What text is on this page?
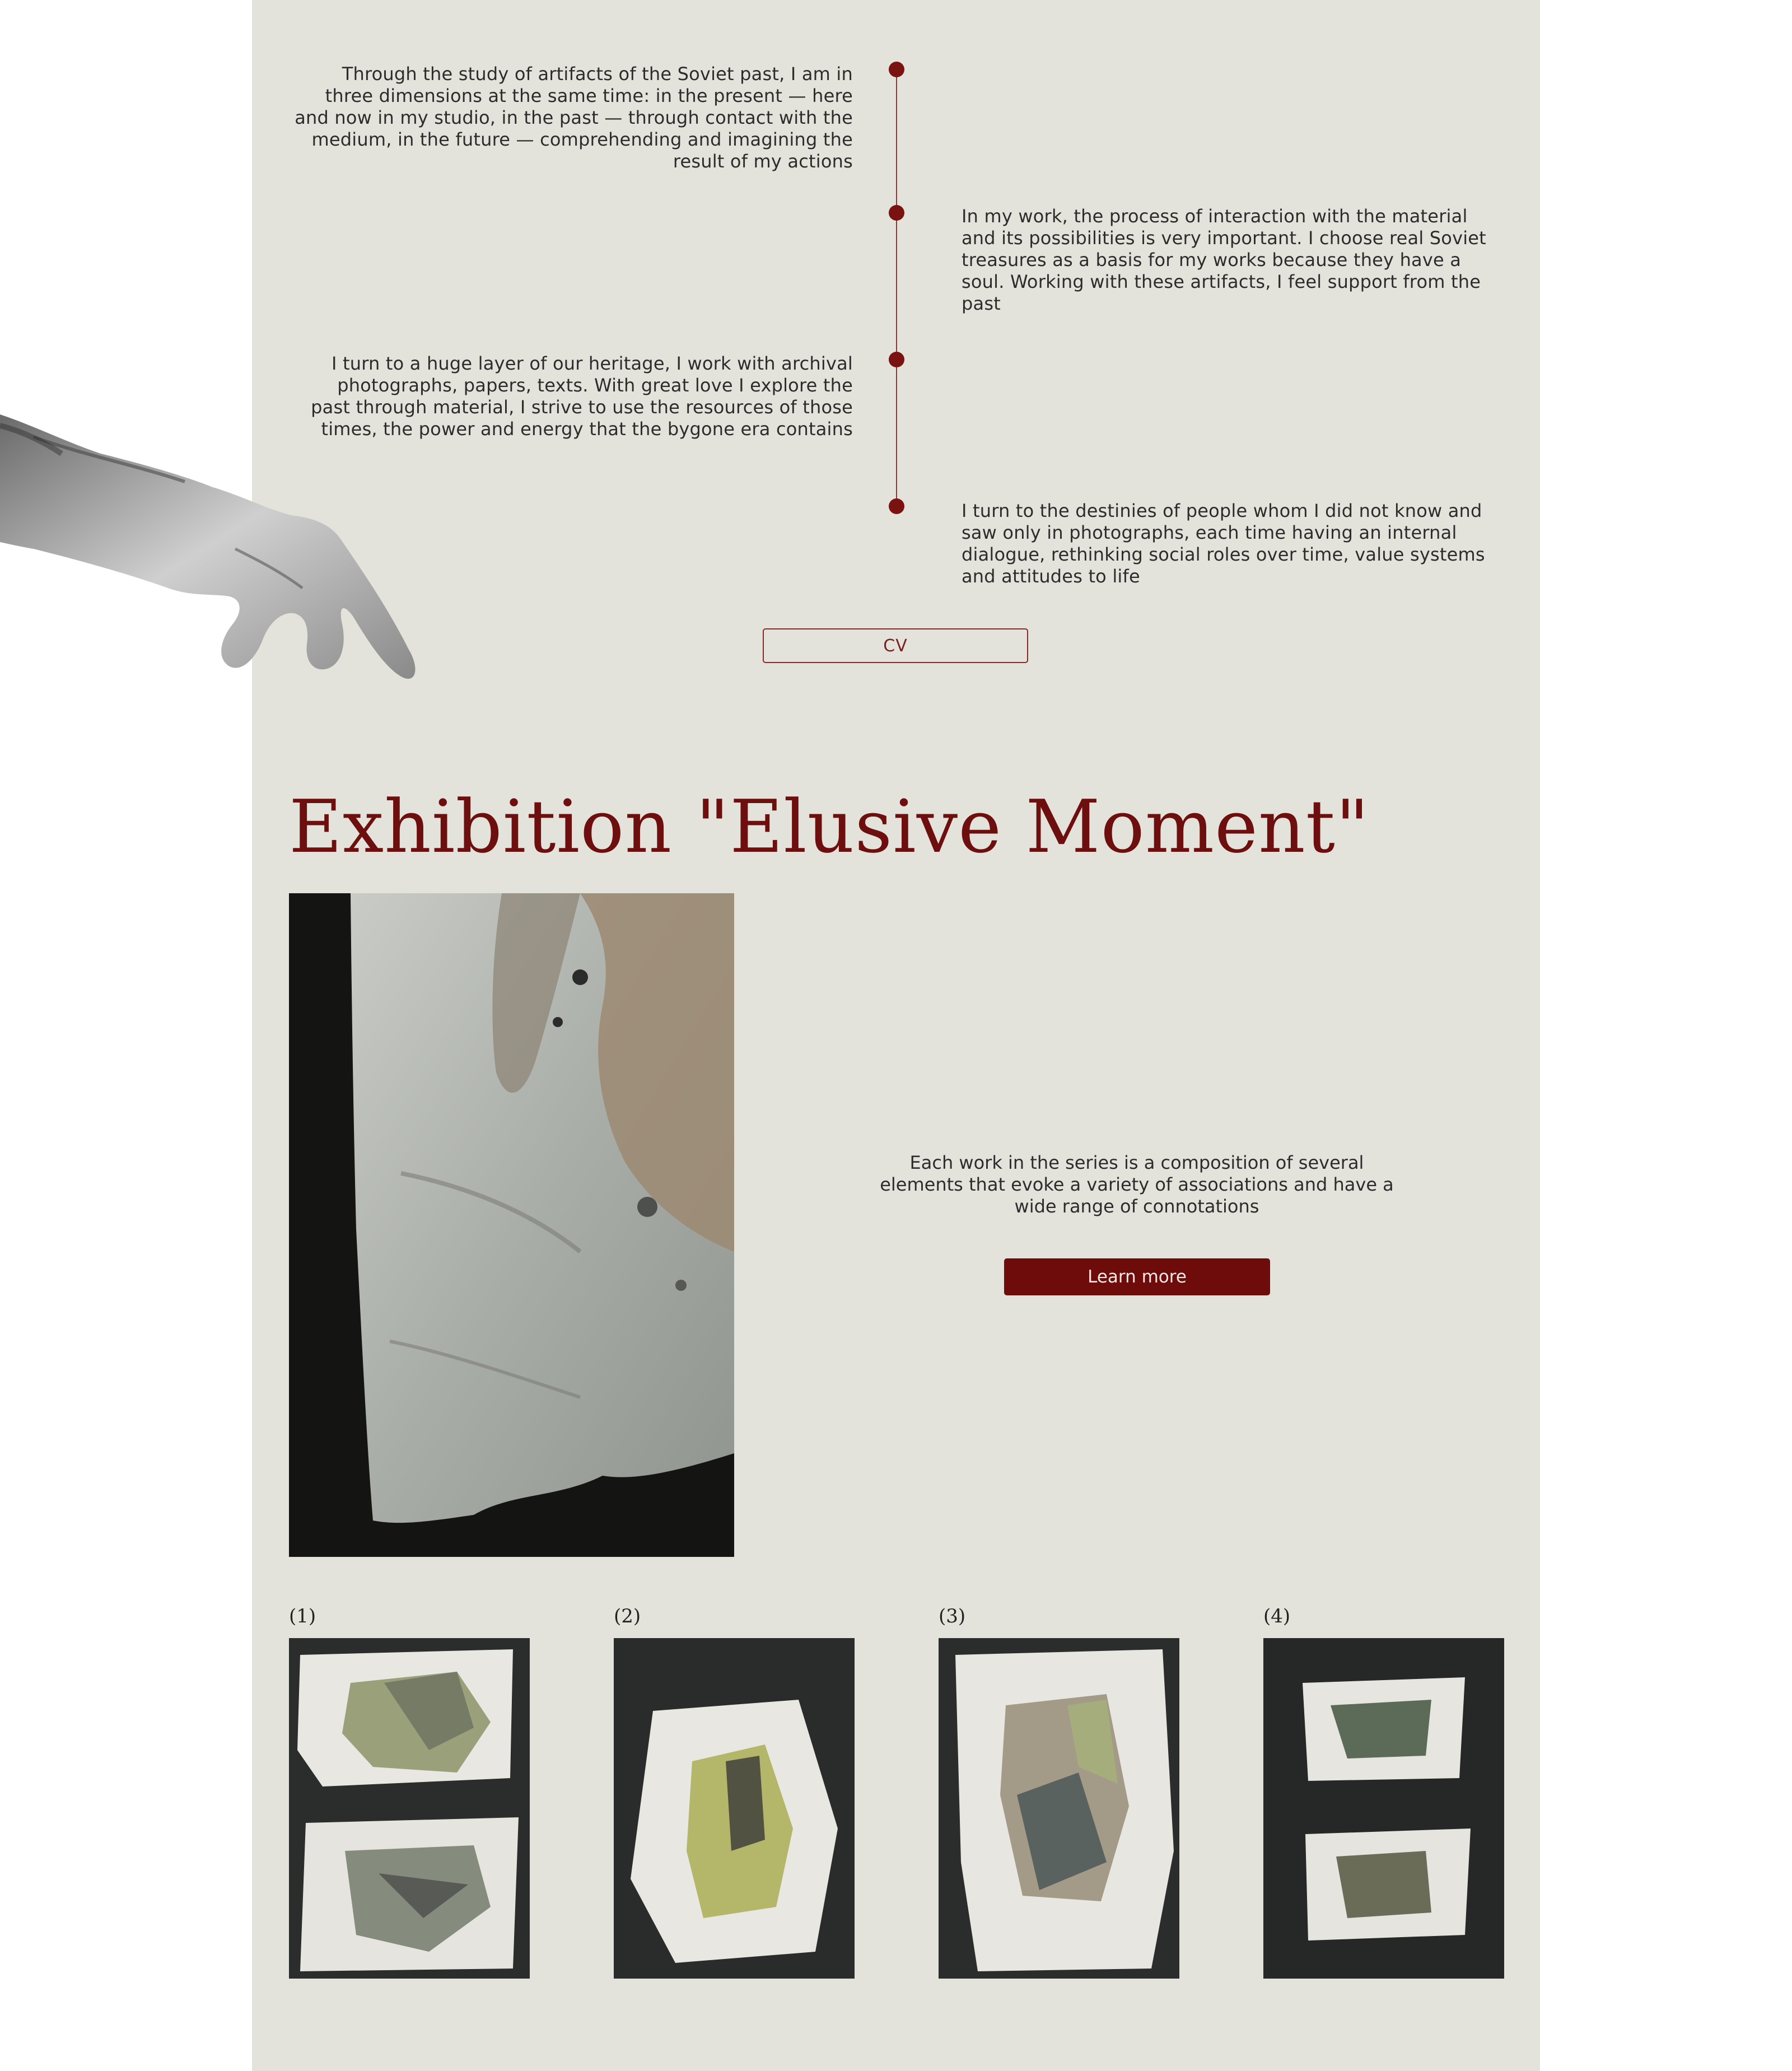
Through the study of artifacts of the Soviet past, I am in three dimensions at the same time: in the present — here and now in my studio, in the past — through contact with the medium, in the future — comprehending and imagining the result of my actions
In my work, the process of interaction with the material and its possibilities is very important. I choose real Soviet treasures as a basis for my works because they have a soul. Working with these artifacts, I feel support from the past
I turn to a huge layer of our heritage, I work with archival photographs, papers, texts. With great love I explore the past through material, I strive to use the resources of those times, the power and energy that the bygone era contains
I turn to the destinies of people whom I did not know and saw only in photographs, each time having an internal dialogue, rethinking social roles over time, value systems and attitudes to life
CV
Exhibition "Elusive Moment"
Each work in the series is a composition of several elements that evoke a variety of associations and have a wide range of connotations
Learn more
(1)	(2)	(3)	(4)
